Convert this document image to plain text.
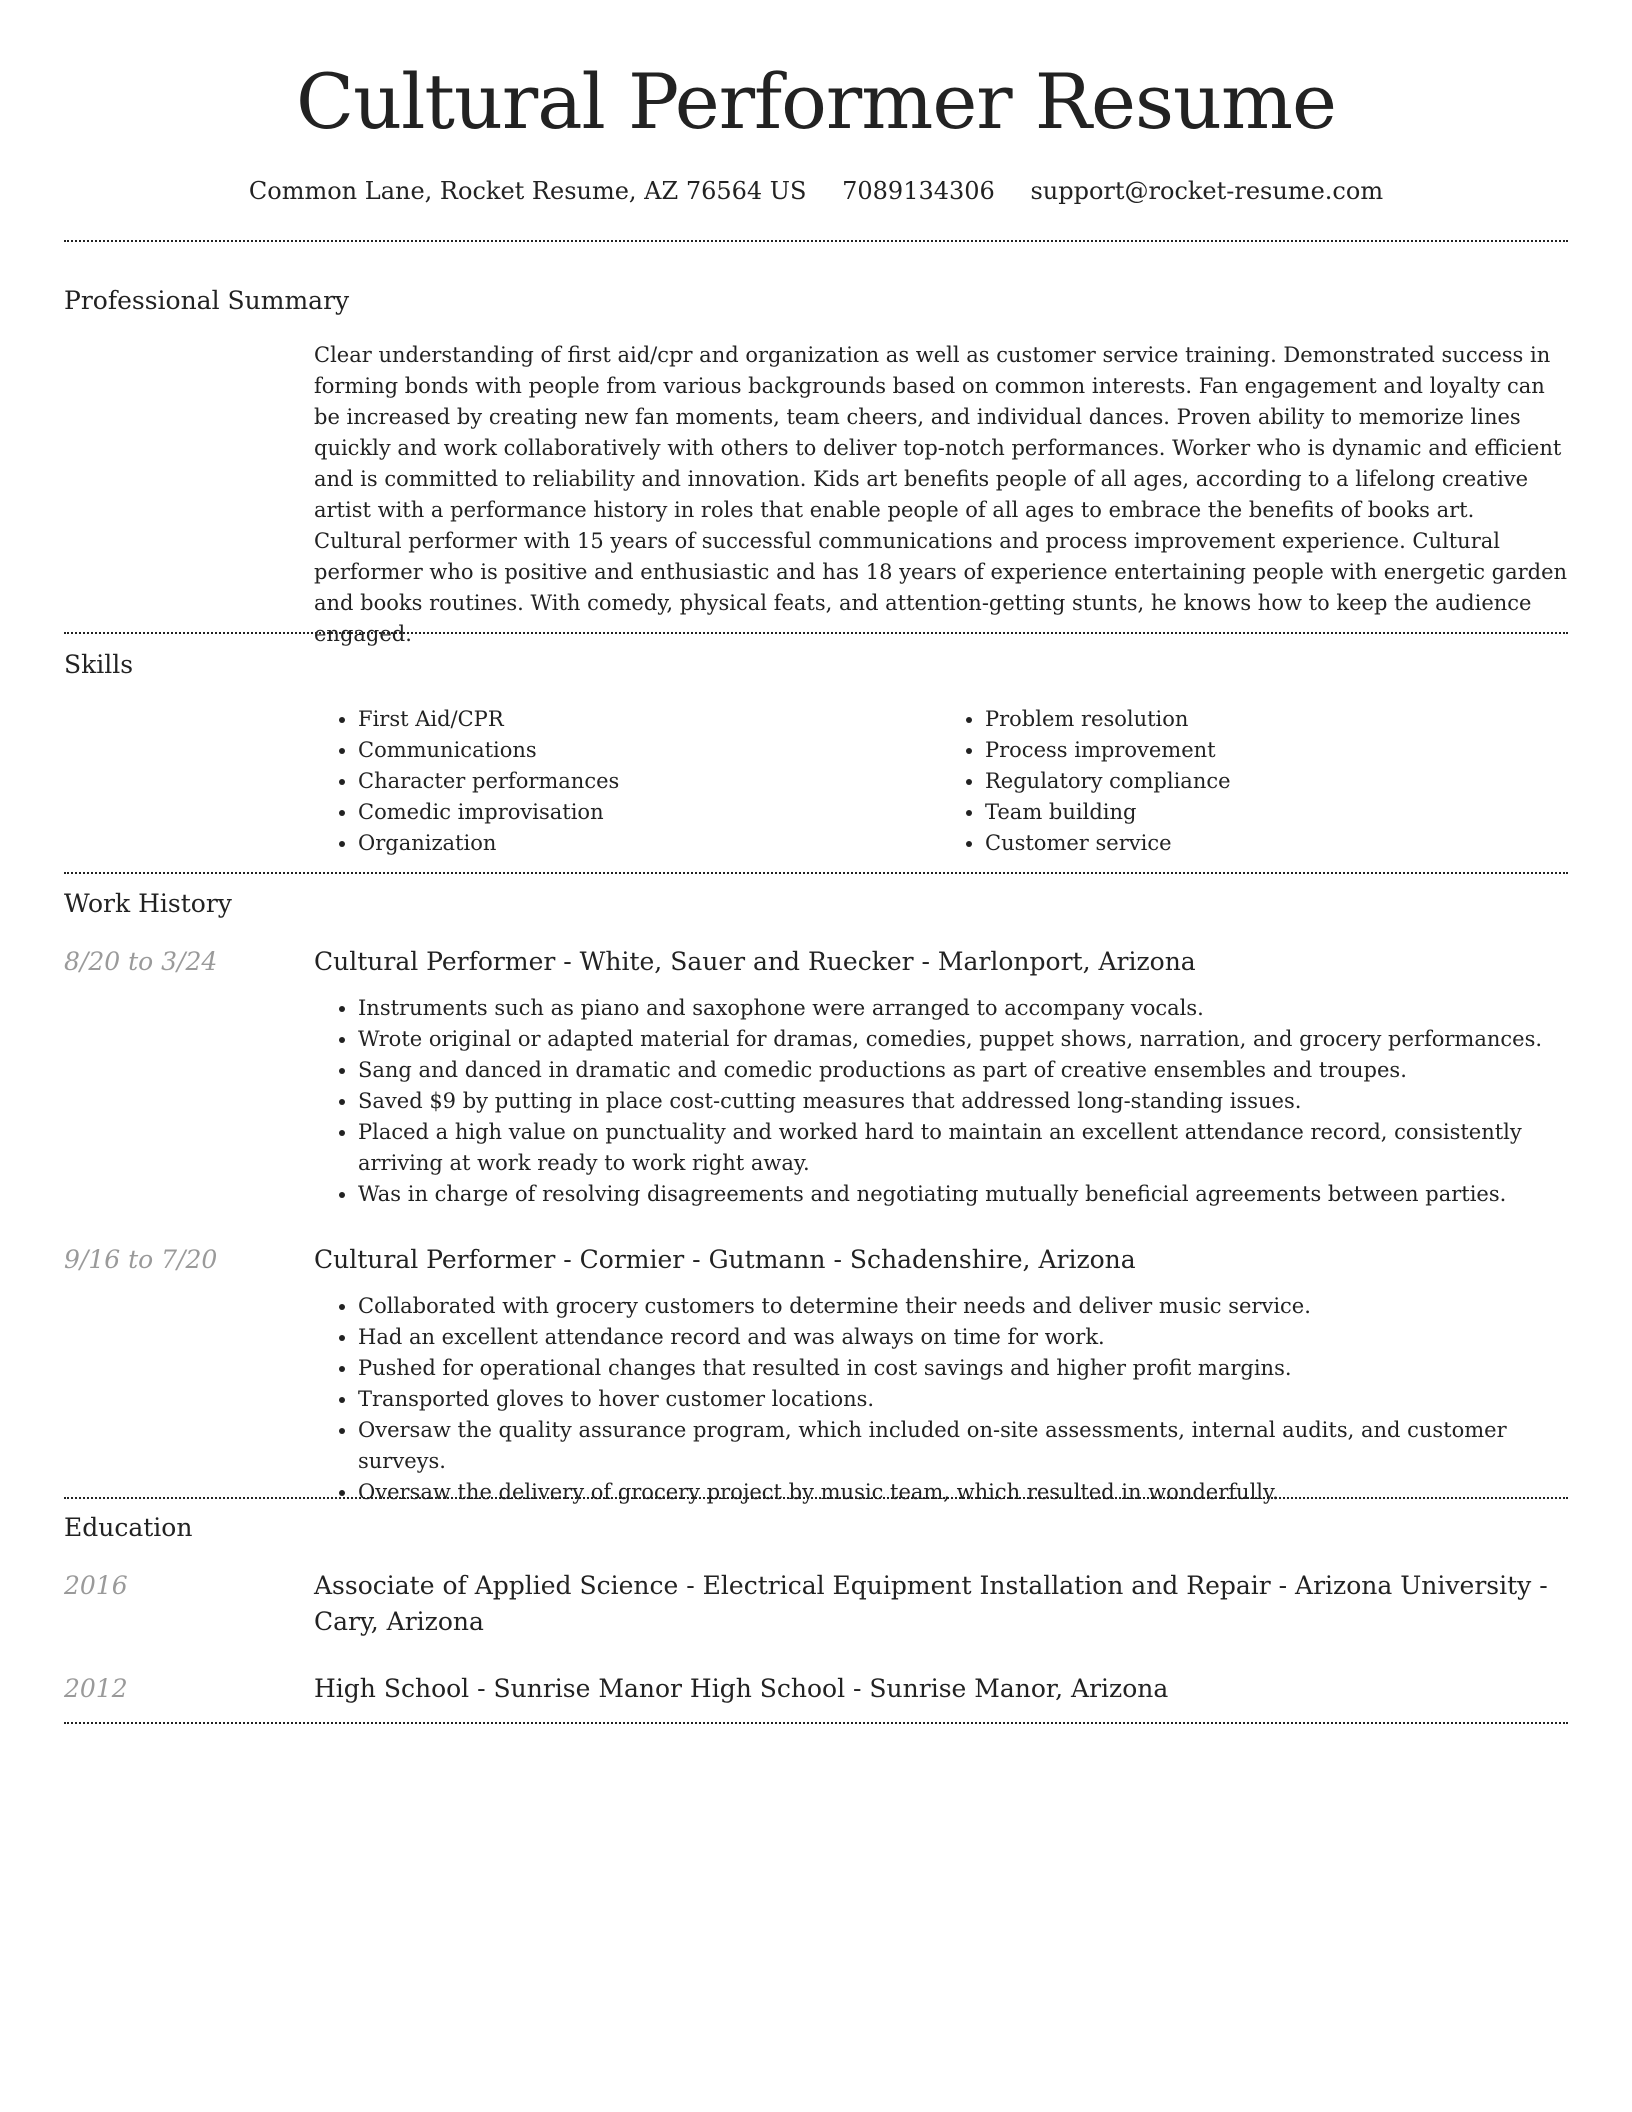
Cultural Performer Resume
Common Lane, Rocket Resume, AZ 76564 US 7089134306 support@rocket-resume.com
Professional Summary

Clear understanding of first aid/cpr and organization as well as customer service training. Demonstrated success in forming bonds with people from various backgrounds based on common interests. Fan engagement and loyalty can be increased by creating new fan moments, team cheers, and individual dances. Proven ability to memorize lines quickly and work collaboratively with others to deliver top-notch performances. Worker who is dynamic and efficient and is committed to reliability and innovation. Kids art benefits people of all ages, according to a lifelong creative artist with a performance history in roles that enable people of all ages to embrace the benefits of books art. Cultural performer with 15 years of successful communications and process improvement experience. Cultural performer who is positive and enthusiastic and has 18 years of experience entertaining people with energetic garden and books routines. With comedy, physical feats, and attention-getting stunts, he knows how to keep the audience engaged.

Skills
• First Aid/CPR
• Communications
• Character performances
• Comedic improvisation
• Organization
• Problem resolution
• Process improvement
• Regulatory compliance
• Team building
• Customer service
Work History
8/20 to 3/24	Cultural Performer - White, Sauer and Ruecker - Marlonport, Arizona
• Instruments such as piano and saxophone were arranged to accompany vocals.
• Wrote original or adapted material for dramas, comedies, puppet shows, narration, and grocery performances.
• Sang and danced in dramatic and comedic productions as part of creative ensembles and troupes.
• Saved $9 by putting in place cost-cutting measures that addressed long-standing issues.
• Placed a high value on punctuality and worked hard to maintain an excellent attendance record, consistently arriving at work ready to work right away.
• Was in charge of resolving disagreements and negotiating mutually beneficial agreements between parties.
9/16 to 7/20	Cultural Performer - Cormier - Gutmann - Schadenshire, Arizona
• Collaborated with grocery customers to determine their needs and deliver music service.
• Had an excellent attendance record and was always on time for work.
• Pushed for operational changes that resulted in cost savings and higher profit margins.
• Transported gloves to hover customer locations.
• Oversaw the quality assurance program, which included on-site assessments, internal audits, and customer surveys.
• Oversaw the delivery of grocery project by music team, which resulted in wonderfully.
Education
2016	Associate of Applied Science - Electrical Equipment Installation and Repair - Arizona University - Cary, Arizona
2012	High School - Sunrise Manor High School - Sunrise Manor, Arizona
